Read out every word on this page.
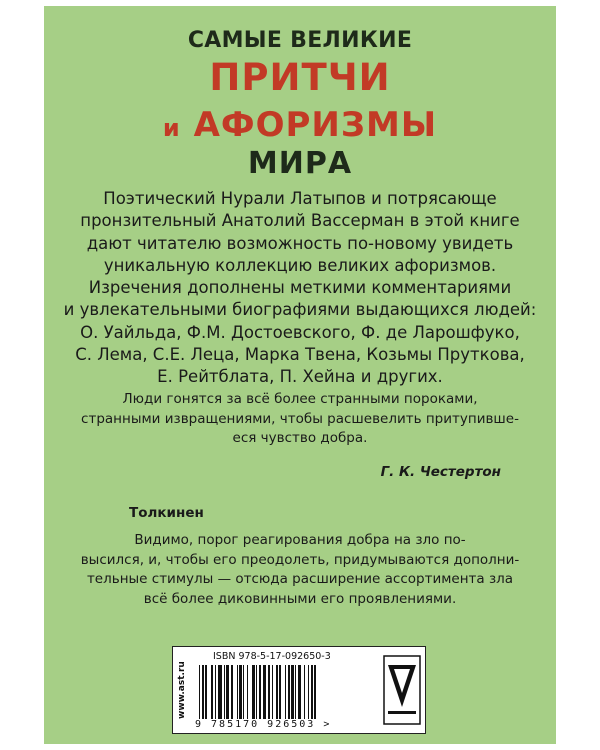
САМЫЕ ВЕЛИКИЕ
ПРИТЧИ
и АФОРИЗМЫ
МИРА
Поэтический Нурали Латыпов и потрясающе
пронзительный Анатолий Вассерман в этой книге
дают читателю возможность по-новому увидеть
уникальную коллекцию великих афоризмов.
Изречения дополнены меткими комментариями
и увлекательными биографиями выдающихся людей:
О. Уайльда, Ф.М. Достоевского, Ф. де Ларошфуко,
С. Лема, С.Е. Леца, Марка Твена, Козьмы Пруткова,
Е. Рейтблата, П. Хейна и других.
Люди гонятся за всё более странными пороками,
странными извращениями, чтобы расшевелить притупивше-
еся чувство добра.
Г. К. Честертон
Толкинен
Видимо, порог реагирования добра на зло по-
высился, и, чтобы его преодолеть, придумываются дополни-
тельные стимулы — отсюда расширение ассортимента зла
всё более диковинными его проявлениями.
www.ast.ru
ISBN 978-5-17-092650-3
9 785170 926503 >
